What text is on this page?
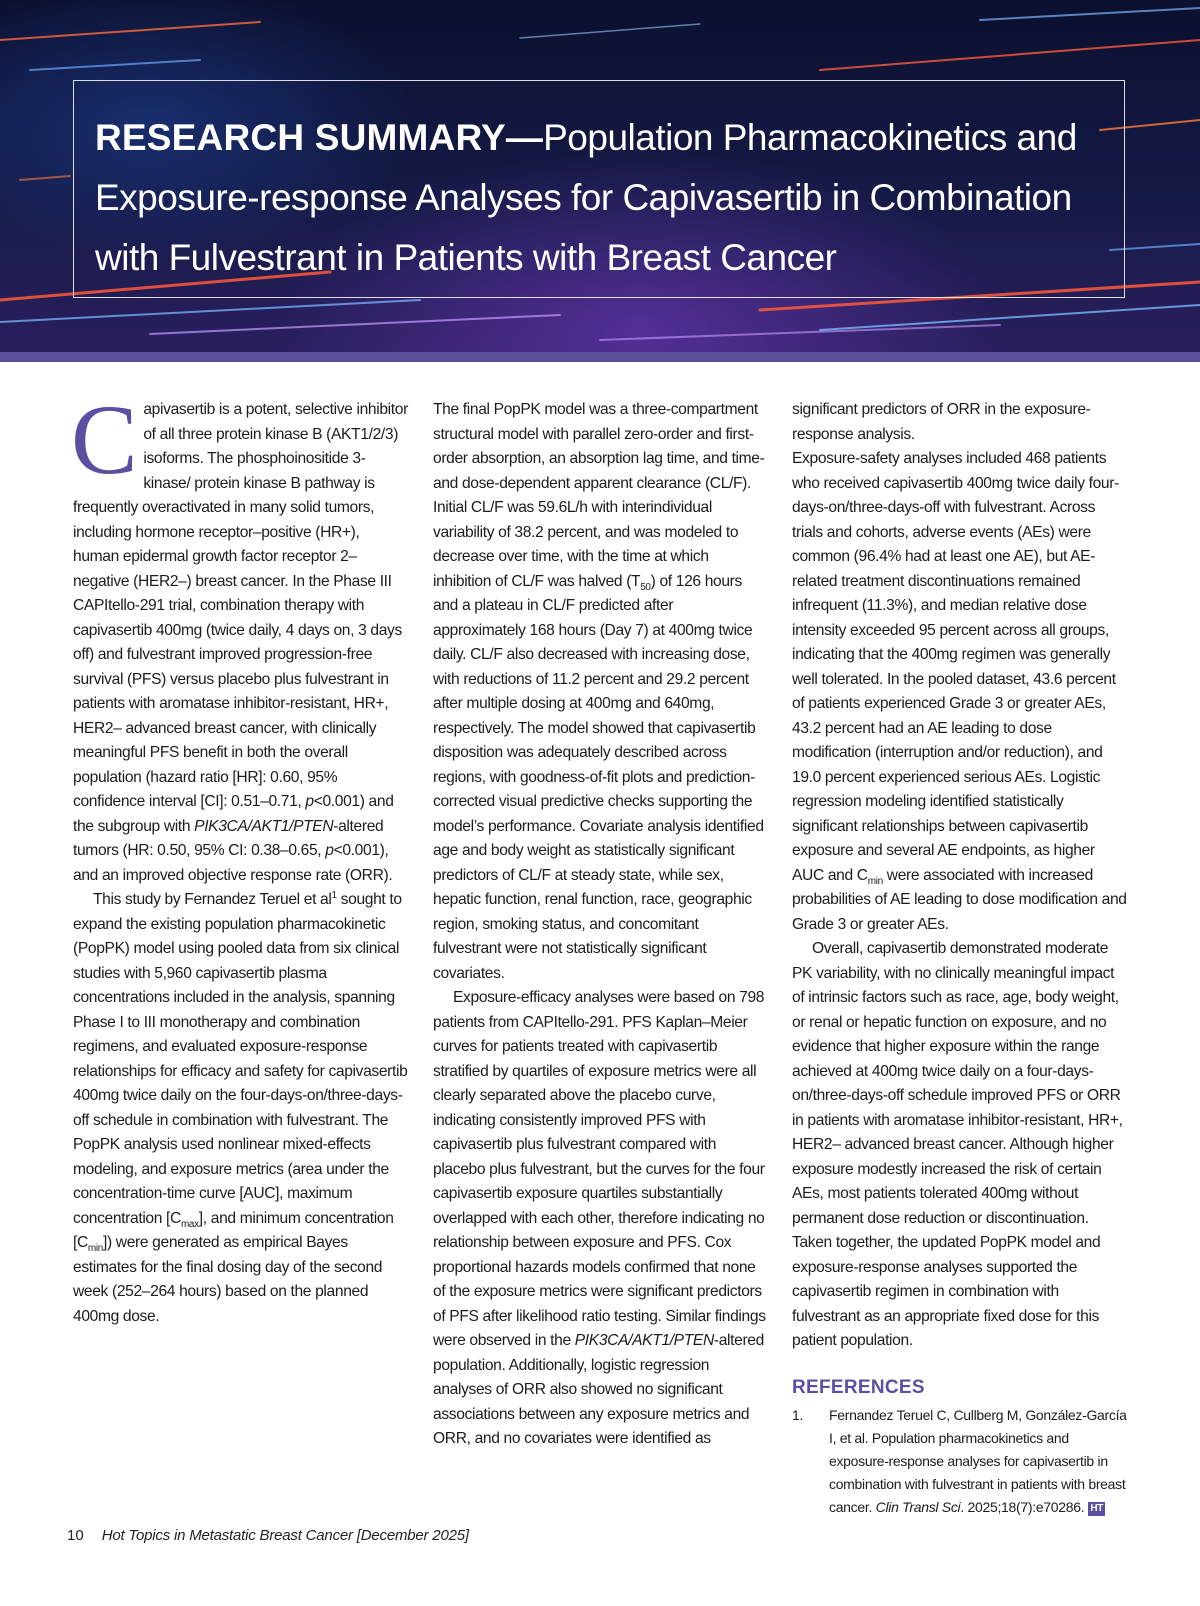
RESEARCH SUMMARY—Population Pharmacokinetics and Exposure-response Analyses for Capivasertib in Combination with Fulvestrant in Patients with Breast Cancer

Capivasertib is a potent, selective inhibitor of all three protein kinase B (AKT1/2/3) isoforms. The phosphoinositide 3- kinase/ protein kinase B pathway is frequently overactivated in many solid tumors, including hormone receptor–positive (HR+), human epidermal growth factor receptor 2–negative (HER2–) breast cancer. In the Phase III CAPItello-291 trial, combination therapy with capivasertib 400mg (twice daily, 4 days on, 3 days off) and fulvestrant improved progression-free survival (PFS) versus placebo plus fulvestrant in patients with aromatase inhibitor-resistant, HR+, HER2– advanced breast cancer, with clinically meaningful PFS benefit in both the overall population (hazard ratio [HR]: 0.60, 95% confidence interval [CI]: 0.51–0.71, p<0.001) and the subgroup with PIK3CA/AKT1/PTEN-altered tumors (HR: 0.50, 95% CI: 0.38–0.65, p<0.001), and an improved objective response rate (ORR).

This study by Fernandez Teruel et $al^1$ sought to expand the existing population pharmacokinetic (PopPK) model using pooled data from six clinical studies with 5,960 capivasertib plasma concentrations included in the analysis, spanning Phase I to III monotherapy and combination regimens, and evaluated exposure-response relationships for efficacy and safety for capivasertib 400mg twice daily on the four-days-on/three-days-off schedule in combination with fulvestrant. The PopPK analysis used nonlinear mixed-effects modeling, and exposure metrics (area under the concentration-time curve [AUC], maximum concentration $[C_{max}]$, and minimum concentration $[C_{min}]$) were generated as empirical Bayes estimates for the final dosing day of the second week (252–264 hours) based on the planned 400mg dose.

The final PopPK model was a three-compartment structural model with parallel zero-order and first-order absorption, an absorption lag time, and time- and dose-dependent apparent clearance (CL/F). Initial CL/F was 59.6L/h with interindividual variability of 38.2 percent, and was modeled to decrease over time, with the time at which inhibition of CL/F was halved $(T_{50})$ of 126 hours and a plateau in CL/F predicted after approximately 168 hours (Day 7) at 400mg twice daily. CL/F also decreased with increasing dose, with reductions of 11.2 percent and 29.2 percent after multiple dosing at 400mg and 640mg, respectively. The model showed that capivasertib disposition was adequately described across regions, with goodness-of-fit plots and prediction-corrected visual predictive checks supporting the model’s performance. Covariate analysis identified age and body weight as statistically significant predictors of CL/F at steady state, while sex, hepatic function, renal function, race, geographic region, smoking status, and concomitant fulvestrant were not statistically significant covariates.

Exposure-efficacy analyses were based on 798 patients from CAPItello-291. PFS Kaplan–Meier curves for patients treated with capivasertib stratified by quartiles of exposure metrics were all clearly separated above the placebo curve, indicating consistently improved PFS with capivasertib plus fulvestrant compared with placebo plus fulvestrant, but the curves for the four capivasertib exposure quartiles substantially overlapped with each other, therefore indicating no relationship between exposure and PFS. Cox proportional hazards models confirmed that none of the exposure metrics were significant predictors of PFS after likelihood ratio testing. Similar findings were observed in the PIK3CA/AKT1/PTEN-altered population. Additionally, logistic regression analyses of ORR also showed no significant associations between any exposure metrics and ORR, and no covariates were identified as

significant predictors of ORR in the exposure-response analysis.

Exposure-safety analyses included 468 patients who received capivasertib 400mg twice daily four-days-on/three-days-off with fulvestrant. Across trials and cohorts, adverse events (AEs) were common (96.4% had at least one AE), but AE-related treatment discontinuations remained infrequent (11.3%), and median relative dose intensity exceeded 95 percent across all groups, indicating that the 400mg regimen was generally well tolerated. In the pooled dataset, 43.6 percent of patients experienced Grade 3 or greater AEs, 43.2 percent had an AE leading to dose modification (interruption and/or reduction), and 19.0 percent experienced serious AEs. Logistic regression modeling identified statistically significant relationships between capivasertib exposure and several AE endpoints, as higher AUC and $C_{min}$ were associated with increased probabilities of AE leading to dose modification and Grade 3 or greater AEs.

Overall, capivasertib demonstrated moderate PK variability, with no clinically meaningful impact of intrinsic factors such as race, age, body weight, or renal or hepatic function on exposure, and no evidence that higher exposure within the range achieved at 400mg twice daily on a four-days-on/three-days-off schedule improved PFS or ORR in patients with aromatase inhibitor-resistant, HR+, HER2– advanced breast cancer. Although higher exposure modestly increased the risk of certain AEs, most patients tolerated 400mg without permanent dose reduction or discontinuation. Taken together, the updated PopPK model and exposure-response analyses supported the capivasertib regimen in combination with fulvestrant as an appropriate fixed dose for this patient population.

REFERENCES
1. Fernandez Teruel C, Cullberg M, González-García I, et al. Population pharmacokinetics and exposure-response analyses for capivasertib in combination with fulvestrant in patients with breast cancer. Clin Transl Sci. 2025;18(7):e70286. HT
10 Hot Topics in Metastatic Breast Cancer [December 2025]
